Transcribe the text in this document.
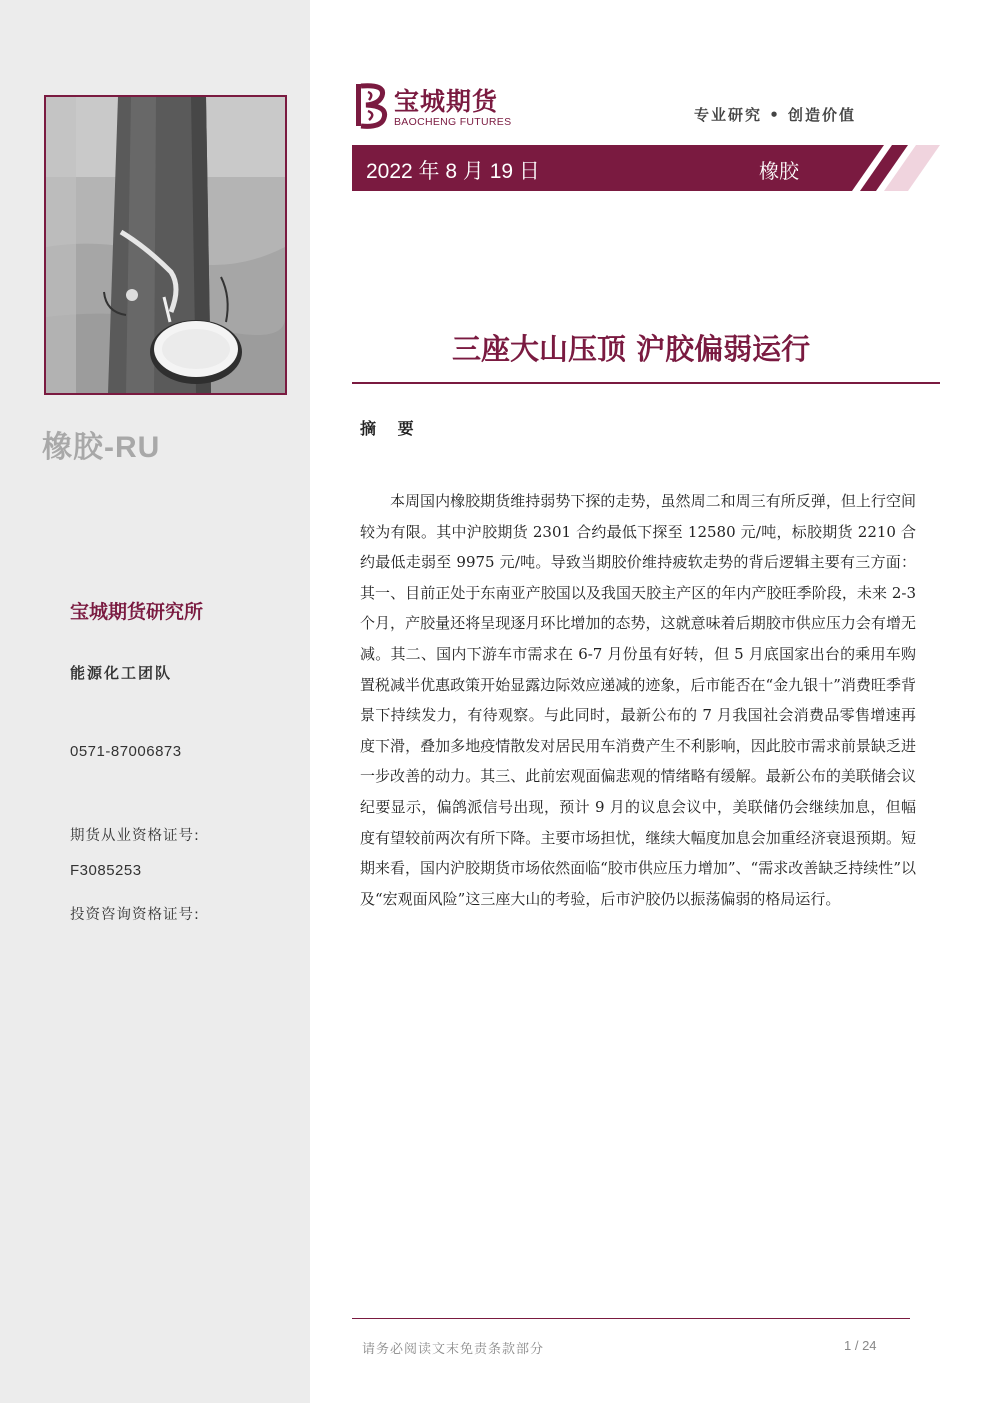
橡胶-RU
宝城期货研究所
能源化工团队
0571-87006873
期货从业资格证号:
F3085253
投资咨询资格证号:
宝城期货
BAOCHENG FUTURES	专业研究 • 创造价值
2022 年 8 月 19 日	橡胶
三座大山压顶 沪胶偏弱运行
摘 要

本周国内橡胶期货维持弱势下探的走势，虽然周二和周三有所反弹，但上行空间较为有限。其中沪胶期货 2301 合约最低下探至 12580 元/吨，标胶期货 2210 合约最低走弱至 9975 元/吨。导致当期胶价维持疲软走势的背后逻辑主要有三方面：其一、目前正处于东南亚产胶国以及我国天胶主产区的年内产胶旺季阶段，未来 2-3 个月，产胶量还将呈现逐月环比增加的态势，这就意味着后期胶市供应压力会有增无减。其二、国内下游车市需求在 6-7 月份虽有好转，但 5 月底国家出台的乘用车购置税减半优惠政策开始显露边际效应递减的迹象，后市能否在“金九银十”消费旺季背景下持续发力，有待观察。与此同时，最新公布的 7 月我国社会消费品零售增速再度下滑，叠加多地疫情散发对居民用车消费产生不利影响，因此胶市需求前景缺乏进一步改善的动力。其三、此前宏观面偏悲观的情绪略有缓解。最新公布的美联储会议纪要显示，偏鸽派信号出现，预计 9 月的议息会议中，美联储仍会继续加息，但幅度有望较前两次有所下降。主要市场担忧，继续大幅度加息会加重经济衰退预期。短期来看，国内沪胶期货市场依然面临“胶市供应压力增加”、“需求改善缺乏持续性”以及“宏观面风险”这三座大山的考验，后市沪胶仍以振荡偏弱的格局运行。

请务必阅读文末免责条款部分	1 / 24
